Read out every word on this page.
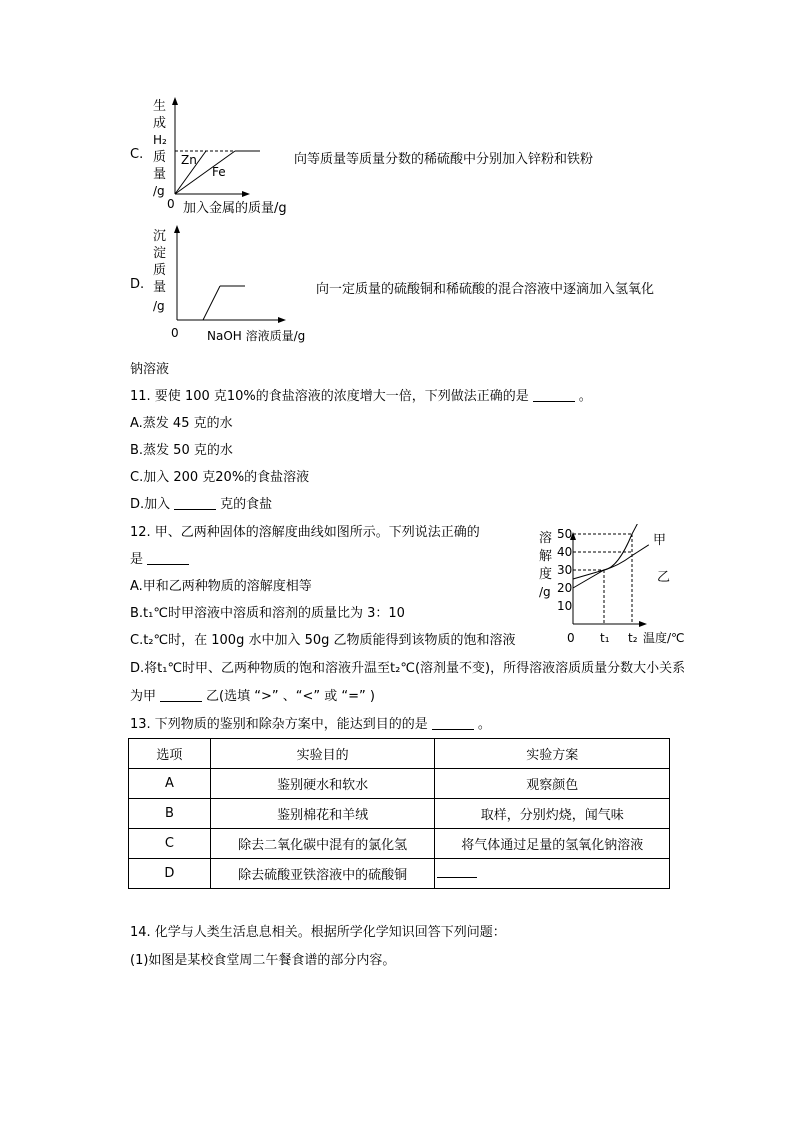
C.
生
成
H₂
质
量
/g
0 加入金属的质量/g
Zn
Fe
向等质量等质量分数的稀硫酸中分别加入锌粉和铁粉
D.
沉
淀
质
量
/g
0 NaOH 溶液质量/g
向一定质量的硫酸铜和稀硫酸的混合溶液中逐滴加入氢氧化
钠溶液
11. 要使 100 克10%的食盐溶液的浓度增大一倍，下列做法正确的是	。
A.蒸发 45 克的水
B.蒸发 50 克的水
C.加入 200 克20%的食盐溶液
D.加入	克的食盐
12. 甲、乙两种固体的溶解度曲线如图所示。下列说法正确的
是
A.甲和乙两种物质的溶解度相等
B.t₁℃时甲溶液中溶质和溶剂的质量比为 3：10
C.t₂℃时，在 100g 水中加入 50g 乙物质能得到该物质的饱和溶液
D.将t₁℃时甲、乙两种物质的饱和溶液升温至t₂℃(溶剂量不变)，所得溶液溶质质量分数大小关系
为甲	乙(选填 “>” 、“<” 或 “=” )
溶
解
度
/g
50
40
30
20
10
0 t₁ t₂ 温度/℃
甲
乙
13. 下列物质的鉴别和除杂方案中，能达到目的的是	。
选项	实验目的	实验方案
A	鉴别硬水和软水	观察颜色
B	鉴别棉花和羊绒	取样，分别灼烧，闻气味
C	除去二氧化碳中混有的氯化氢	将气体通过足量的氢氧化钠溶液
D	除去硫酸亚铁溶液中的硫酸铜	
14. 化学与人类生活息息相关。根据所学化学知识回答下列问题：
(1)如图是某校食堂周二午餐食谱的部分内容。
